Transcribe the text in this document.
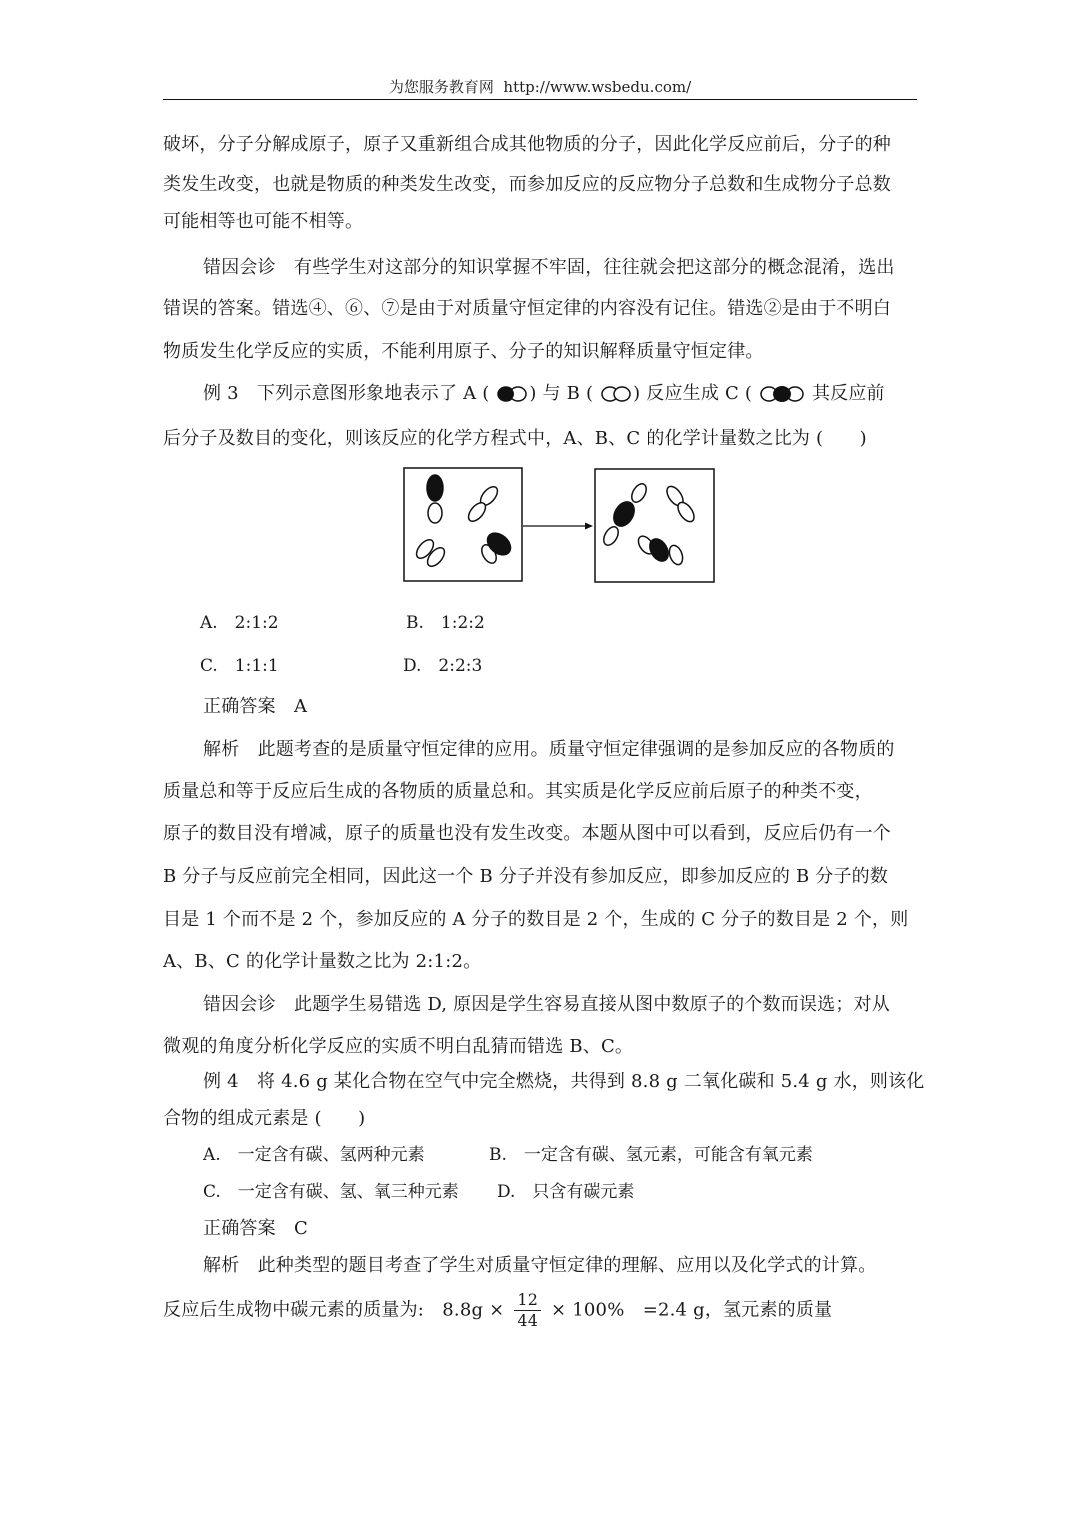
为您服务教育网 http://www.wsbedu.com/
破坏，分子分解成原子，原子又重新组合成其他物质的分子，因此化学反应前后，分子的种
类发生改变，也就是物质的种类发生改变，而参加反应的反应物分子总数和生成物分子总数
可能相等也可能不相等。
错因会诊　有些学生对这部分的知识掌握不牢固，往往就会把这部分的概念混淆，选出
错误的答案。错选④、⑥、⑦是由于对质量守恒定律的内容没有记住。错选②是由于不明白
物质发生化学反应的实质，不能利用原子、分子的知识解释质量守恒定律。
例 3　下列示意图形象地表示了 A ( ) 与 B ( ) 反应生成 C (	其反应前
后分子及数目的变化，则该反应的化学方程式中，A、B、C 的化学计量数之比为 (　　)
A.　2:1:2	B.　1:2:2
C.　1:1:1	D.　2:2:3
正确答案　A
解析　此题考查的是质量守恒定律的应用。质量守恒定律强调的是参加反应的各物质的
质量总和等于反应后生成的各物质的质量总和。其实质是化学反应前后原子的种类不变，
原子的数目没有增减，原子的质量也没有发生改变。本题从图中可以看到，反应后仍有一个
B 分子与反应前完全相同，因此这一个 B 分子并没有参加反应，即参加反应的 B 分子的数
目是 1 个而不是 2 个，参加反应的 A 分子的数目是 2 个，生成的 C 分子的数目是 2 个，则
A、B、C 的化学计量数之比为 2:1:2。
错因会诊　此题学生易错选 D, 原因是学生容易直接从图中数原子的个数而误选；对从
微观的角度分析化学反应的实质不明白乱猜而错选 B、C。
例 4　将 4.6 g 某化合物在空气中完全燃烧，共得到 8.8 g 二氧化碳和 5.4 g 水，则该化
合物的组成元素是 (　　)
A.　一定含有碳、氢两种元素	B.　一定含有碳、氢元素，可能含有氧元素
C.　一定含有碳、氢、氧三种元素 D.　只含有碳元素
正确答案　C
解析　此种类型的题目考查了学生对质量守恒定律的理解、应用以及化学式的计算。
反应后生成物中碳元素的质量为:　$8.8g \times \frac{12}{44} \times 100\%$　=2.4 g，氢元素的质量
